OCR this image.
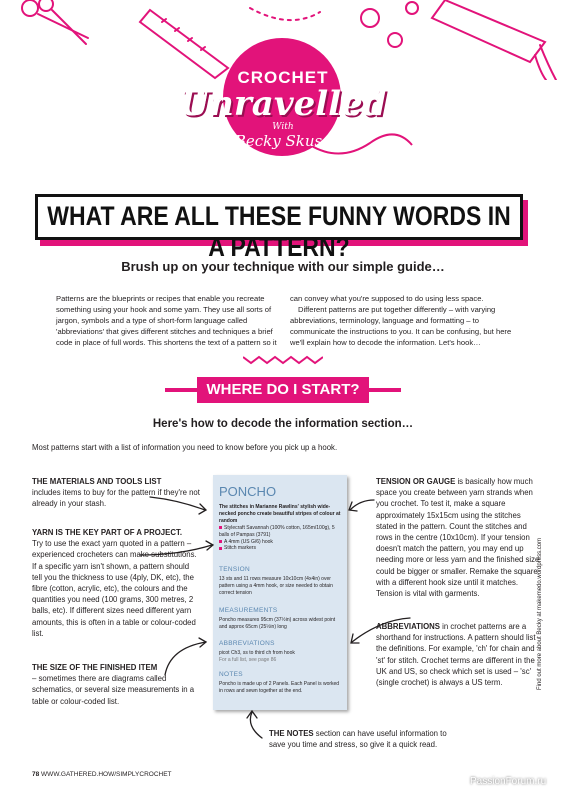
CROCHET
Unravelled
With
Becky Skuse
WHAT ARE ALL THESE FUNNY WORDS IN A PATTERN?
Brush up on your technique with our simple guide…

Patterns are the blueprints or recipes that enable you recreate something using your hook and some yarn. They use all sorts of jargon, symbols and a type of short-form language called 'abbreviations' that gives different stitches and techniques a brief code in place of full words. This shortens the text of a pattern so it

can convey what you're supposed to do using less space.

Different patterns are put together differently – with varying abbreviations, terminology, language and formatting – to communicate the instructions to you. It can be confusing, but here we'll explain how to decode the information. Let's hook…

WHERE DO I START?
Here's how to decode the information section…
Most patterns start with a list of information you need to know before you pick up a hook.
THE MATERIALS AND TOOLS LIST
includes items to buy for the pattern if they're not already in your stash.
YARN IS THE KEY PART OF A PROJECT.
Try to use the exact yarn quoted in a pattern – experienced crocheters can make substitutions. If a specific yarn isn't shown, a pattern should tell you the thickness to use (4ply, DK, etc), the fibre (cotton, acrylic, etc), the colours and the quantities you need (100 grams, 300 metres, 2 balls, etc). If different sizes need different yarn amounts, this is often in a table or colour-coded list.
THE SIZE OF THE FINISHED ITEM
– sometimes there are diagrams called schematics, or several size measurements in a table or colour-coded list.
TENSION OR GAUGE is basically how much space you create between yarn strands when you crochet. To test it, make a square approximately 15x15cm using the stitches stated in the pattern. Count the stitches and rows in the centre (10x10cm). If your tension doesn't match the pattern, you may end up needing more or less yarn and the finished size could be bigger or smaller. Remake the square with a different hook size until it matches. Tension is vital with garments.
ABBREVIATIONS in crochet patterns are a shorthand for instructions. A pattern should list the definitions. For example, 'ch' for chain and 'st' for stitch. Crochet terms are different in the UK and US, so check which set is used – 'sc' (single crochet) is always a US term.
PONCHO
The stitches in Marianne Rawlins' stylish wide-necked poncho create beautiful stripes of colour at random
Stylecraft Savannah (100% cotton, 165m/100g), 5 balls of Pampas (3791)
A 4mm (US G/6) hook
Stitch markers
TENSION
13 sts and 11 rows measure 10x10cm (4x4in) over pattern using a 4mm hook, or size needed to obtain correct tension
MEASUREMENTS
Poncho measures 95cm (37½in) across widest point and approx 65cm (25½in) long
ABBREVIATIONS
picot Ch3, ss to third ch from hook
For a full list, see page 86
NOTES
Poncho is made up of 2 Panels. Each Panel is worked in rows and sewn together at the end.
THE NOTES section can have useful information to save you time and stress, so give it a quick read.
78 WWW.GATHERED.HOW/SIMPLYCROCHET
Find out more about Becky at makemedo.wordpress.com
PassionForum.ru
